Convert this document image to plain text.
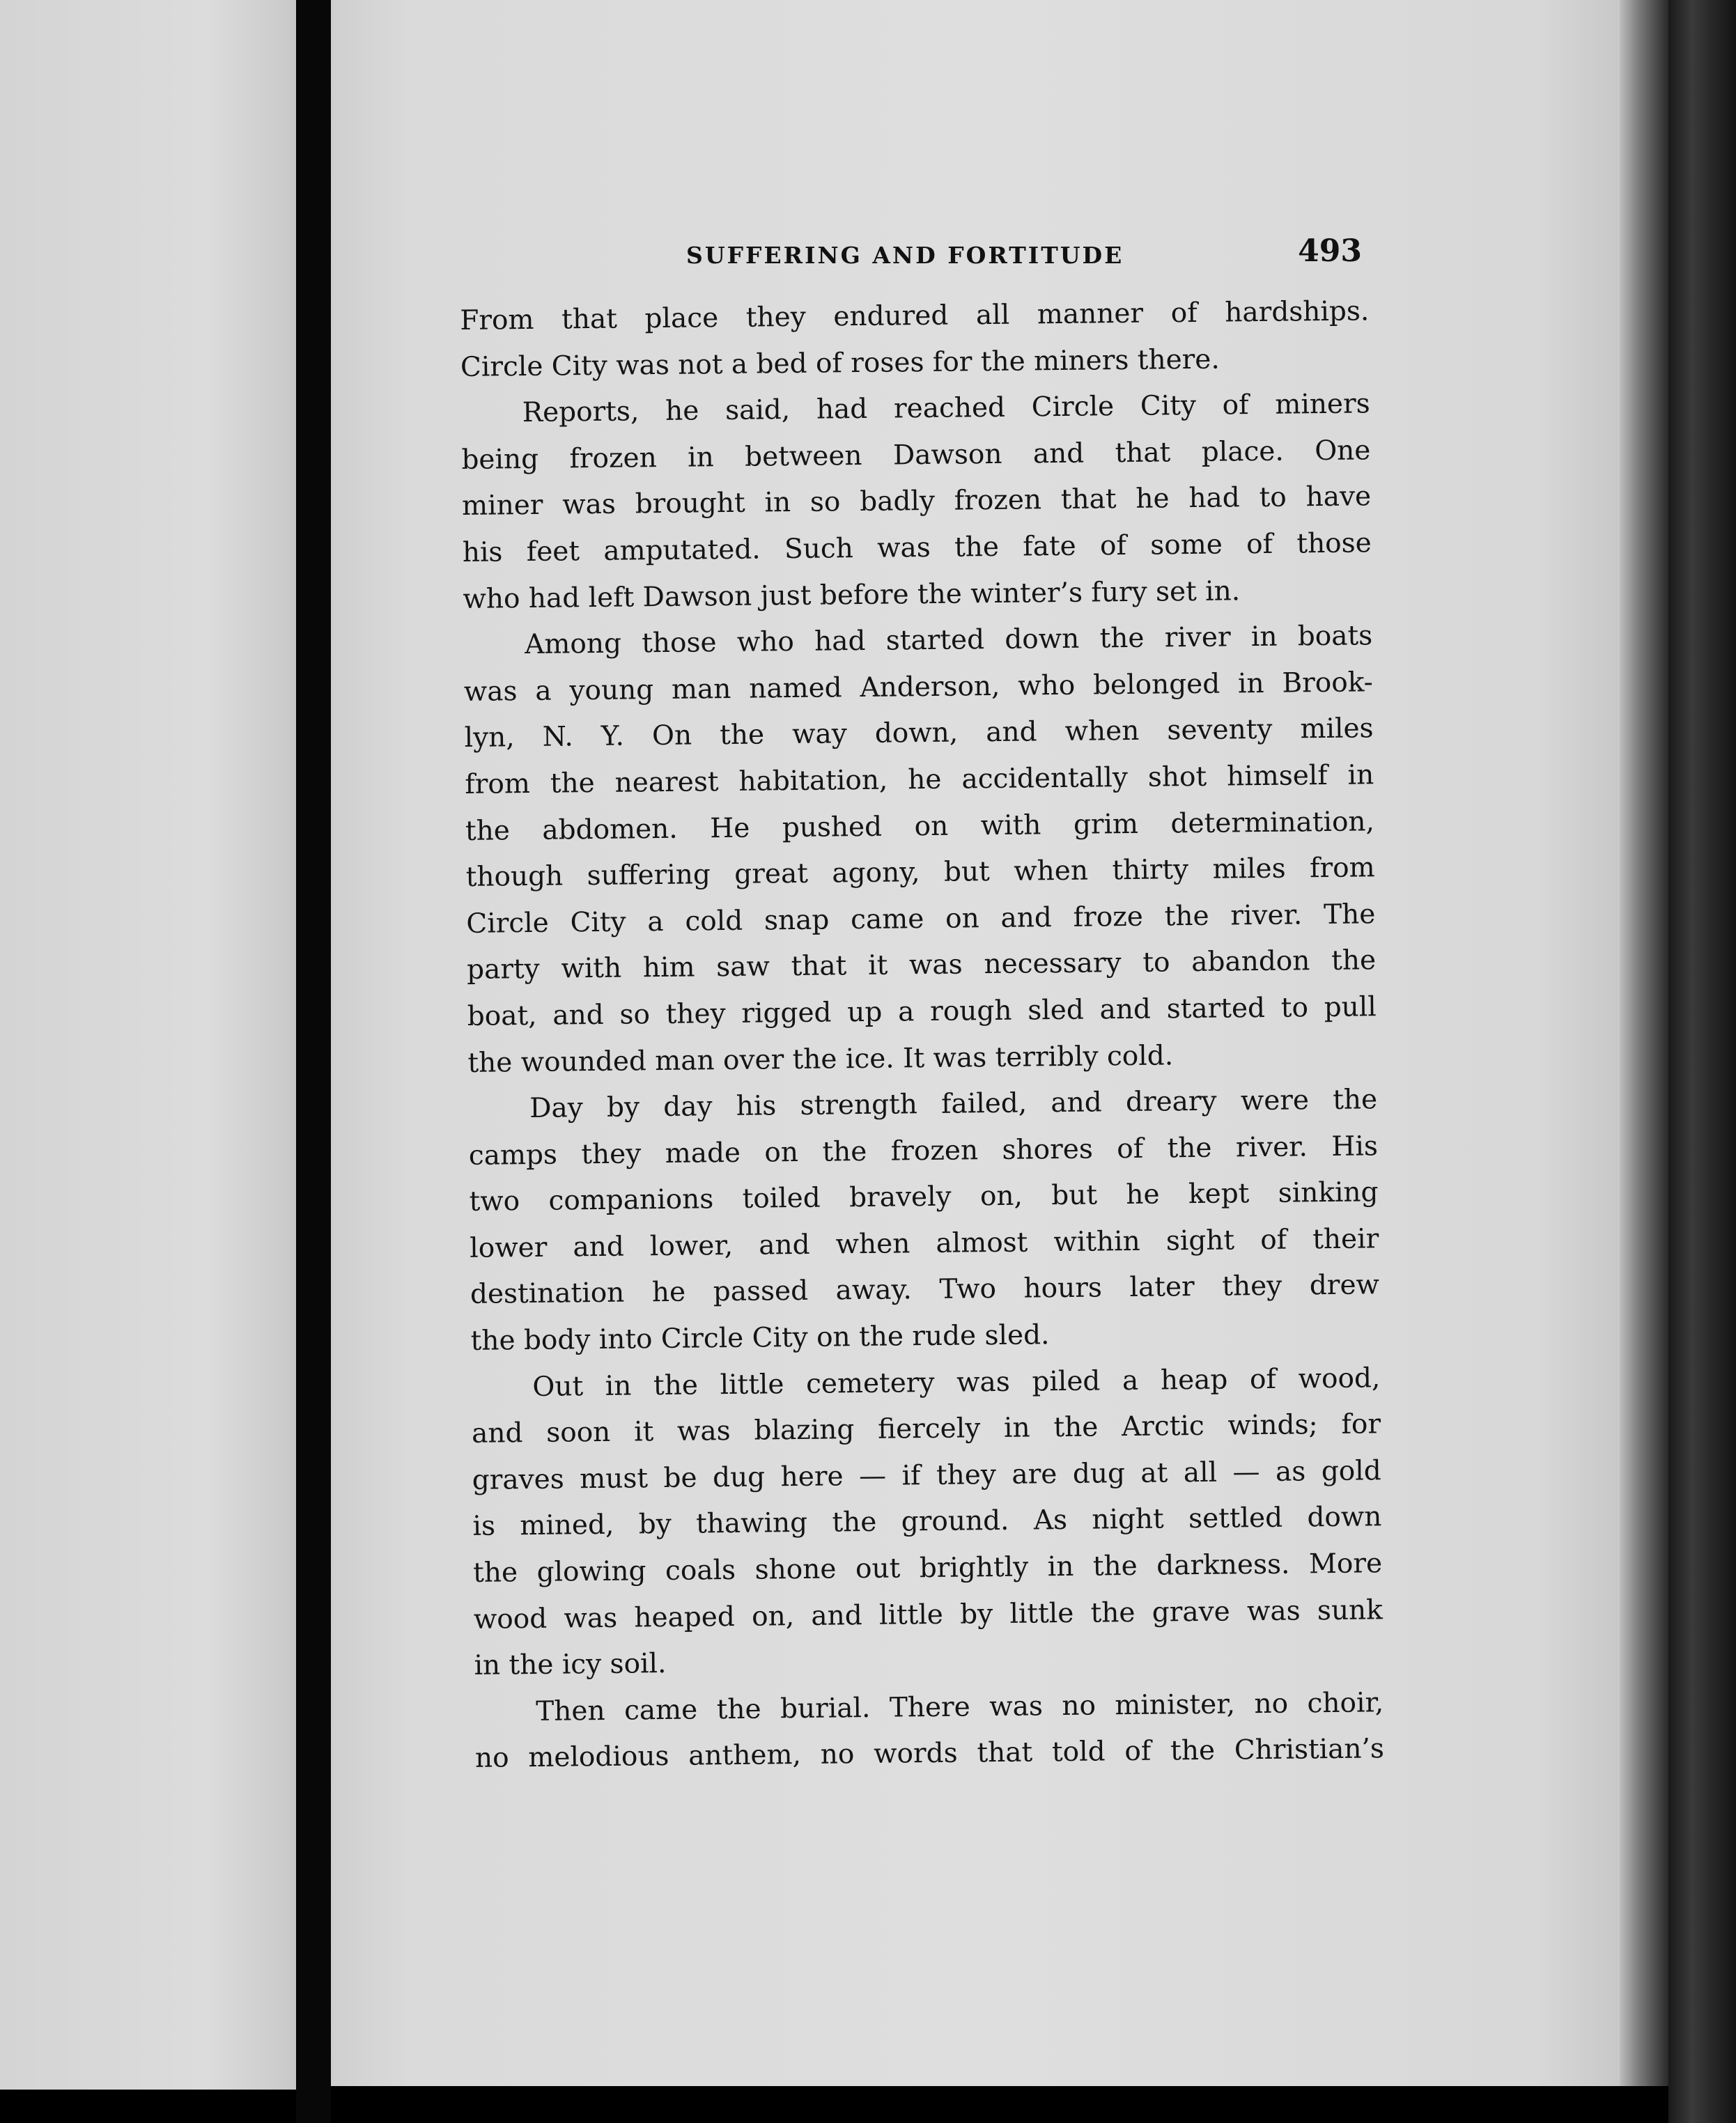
SUFFERING AND FORTITUDE	493
From that place they endured all manner of hardships.
Circle City was not a bed of roses for the miners there.
Reports, he said, had reached Circle City of miners
being frozen in between Dawson and that place. One
miner was brought in so badly frozen that he had to have
his feet amputated. Such was the fate of some of those
who had left Dawson just before the winter’s fury set in.
Among those who had started down the river in boats
was a young man named Anderson, who belonged in Brook-
lyn, N. Y. On the way down, and when seventy miles
from the nearest habitation, he accidentally shot himself in
the abdomen. He pushed on with grim determination,
though suffering great agony, but when thirty miles from
Circle City a cold snap came on and froze the river. The
party with him saw that it was necessary to abandon the
boat, and so they rigged up a rough sled and started to pull
the wounded man over the ice. It was terribly cold.
Day by day his strength failed, and dreary were the
camps they made on the frozen shores of the river. His
two companions toiled bravely on, but he kept sinking
lower and lower, and when almost within sight of their
destination he passed away. Two hours later they drew
the body into Circle City on the rude sled.
Out in the little cemetery was piled a heap of wood,
and soon it was blazing fiercely in the Arctic winds; for
graves must be dug here — if they are dug at all — as gold
is mined, by thawing the ground. As night settled down
the glowing coals shone out brightly in the darkness. More
wood was heaped on, and little by little the grave was sunk
in the icy soil.
Then came the burial. There was no minister, no choir,
no melodious anthem, no words that told of the Christian’s
